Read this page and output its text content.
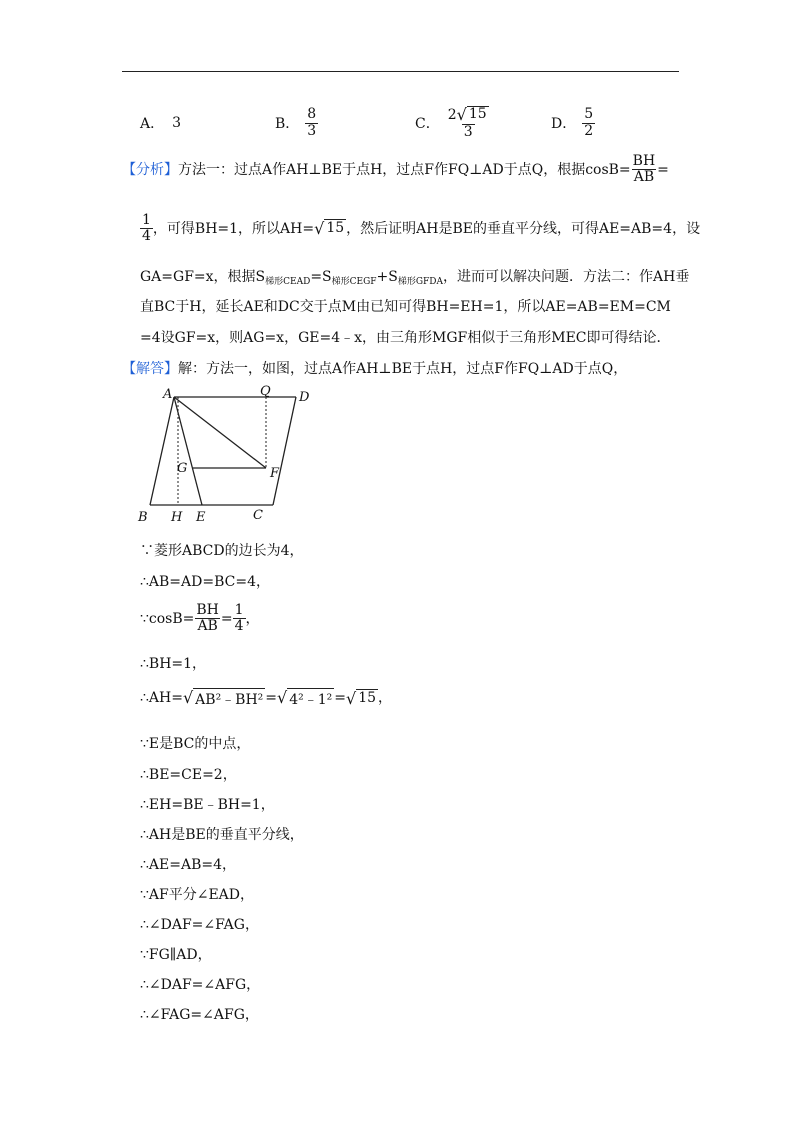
A． 3	B． $\frac{8}{3}$	C． $\frac{2 √ 15}{3}$	D． $\frac{5}{2}$
【分析】方法一：过点A作AH⊥BE于点H，过点F作FQ⊥AD于点Q，根据$\cos B= \frac{BH}{AB}$ =
$\frac{1}{4}$ ，可得BH=1，所以AH= √ 15 ，然后证明AH是BE的垂直平分线，可得AE=AB=4，设
GA=GF=x，根据$S_{梯形CEAD}=S_{梯形CEGF}+S_{梯形GFDA}$，进而可以解决问题．方法二：作AH垂
直BC于H，延长AE和DC交于点M由已知可得BH=EH=1，所以AE=AB=EM=CM
=4设GF=x，则AG=x，GE=4﹣x，由三角形MGF相似于三角形MEC即可得结论．
【解答】解：方法一，如图，过点A作AH⊥BE于点H，过点F作FQ⊥AD于点Q，
A	Q D
G	F
B H E	C
∵菱形ABCD的边长为4，
∴AB=AD=BC=4，
∵cosB= $\frac{BH}{AB} = \frac{1}{4}$ ，
∴BH=1，
∴AH= √ AB²﹣BH² = √ 4²﹣1² = √ 15 ，
∵E是BC的中点，
∴BE=CE=2，
∴EH=BE﹣BH=1，
∴AH是BE的垂直平分线，
∴AE=AB=4，
∵AF平分∠EAD，
∴∠DAF=∠FAG，
∵FG∥AD，
∴∠DAF=∠AFG，
∴∠FAG=∠AFG，
